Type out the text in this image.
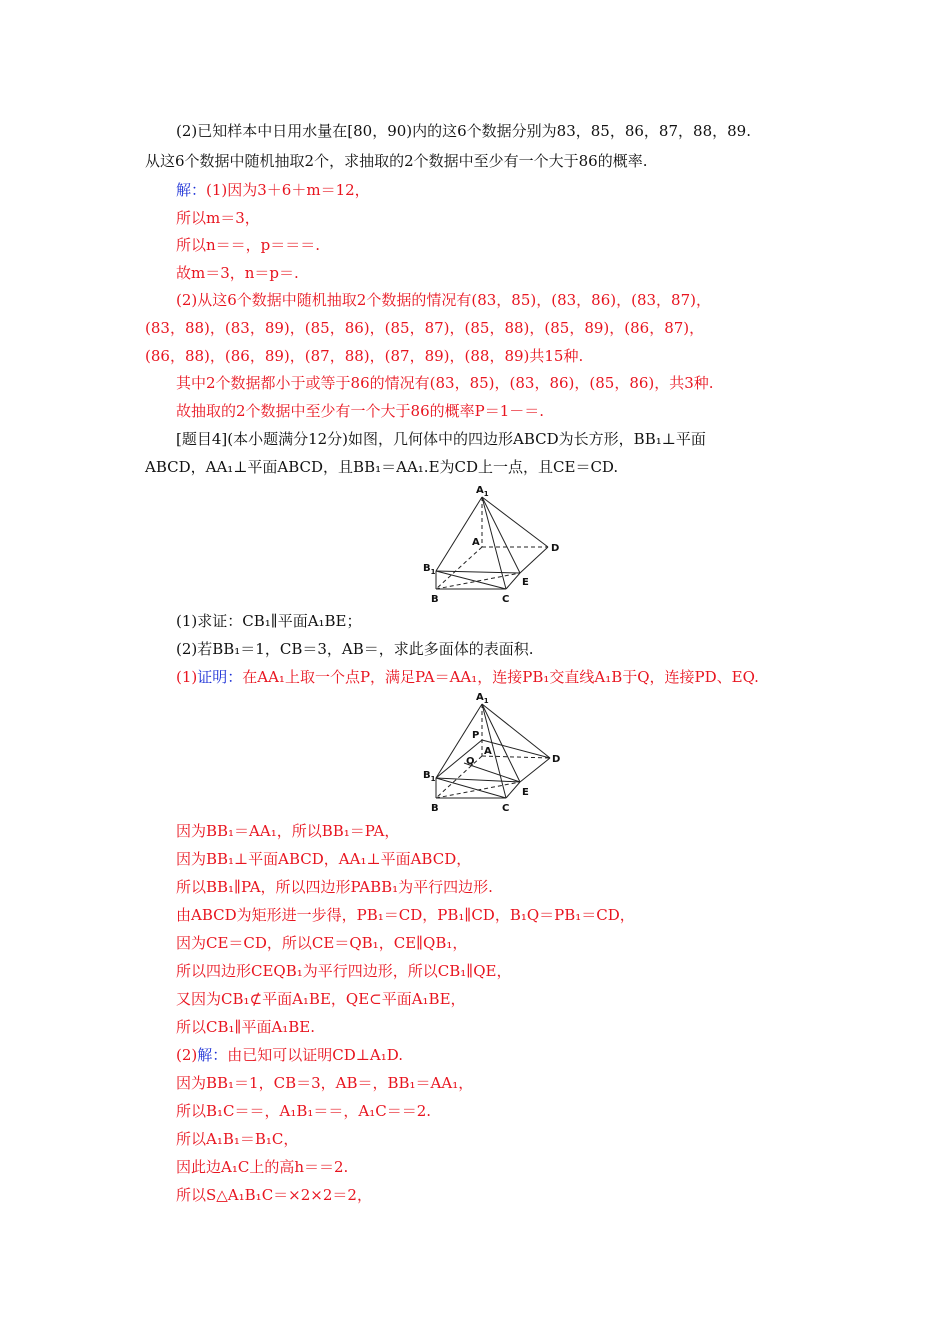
(2)已知样本中日用水量在[80，90)内的这6个数据分别为83，85，86，87，88，89.
从这6个数据中随机抽取2个，求抽取的2个数据中至少有一个大于86的概率.
解：(1)因为3＋6＋m＝12，
所以m＝3，
所以n＝＝，p＝＝＝.
故m＝3，n＝p＝.
(2)从这6个数据中随机抽取2个数据的情况有(83，85)，(83，86)，(83，87)，
(83，88)，(83，89)，(85，86)，(85，87)，(85，88)，(85，89)，(86，87)，
(86，88)，(86，89)，(87，88)，(87，89)，(88，89)共15种.
其中2个数据都小于或等于86的情况有(83，85)，(83，86)，(85，86)，共3种.
故抽取的2个数据中至少有一个大于86的概率P＝1－＝.
[题目4](本小题满分12分)如图，几何体中的四边形ABCD为长方形，BB₁⊥平面
ABCD，AA₁⊥平面ABCD，且BB₁＝AA₁.E为CD上一点，且CE＝CD.
$A_1$
A
D
$B_1$
E
B	C
(1)求证：CB₁∥平面A₁BE；
(2)若BB₁＝1，CB＝3，AB＝，求此多面体的表面积.
(1)证明：在AA₁上取一个点P，满足PA＝AA₁，连接PB₁交直线A₁B于Q，连接PD、EQ.
$A_1$
P
A
D
Q
$B_1$
E
B	C
因为BB₁＝AA₁，所以BB₁＝PA，
因为BB₁⊥平面ABCD，AA₁⊥平面ABCD，
所以BB₁∥PA，所以四边形PABB₁为平行四边形.
由ABCD为矩形进一步得，PB₁＝CD，PB₁∥CD，B₁Q＝PB₁＝CD，
因为CE＝CD，所以CE＝QB₁，CE∥QB₁，
所以四边形CEQB₁为平行四边形，所以CB₁∥QE，
又因为CB₁⊄平面A₁BE，QE⊂平面A₁BE，
所以CB₁∥平面A₁BE.
(2)解：由已知可以证明CD⊥A₁D.
因为BB₁＝1，CB＝3，AB＝，BB₁＝AA₁，
所以B₁C＝＝，A₁B₁＝＝，A₁C＝＝2.
所以A₁B₁＝B₁C，
因此边A₁C上的高h＝＝2.
所以S△A₁B₁C＝×2×2＝2，
